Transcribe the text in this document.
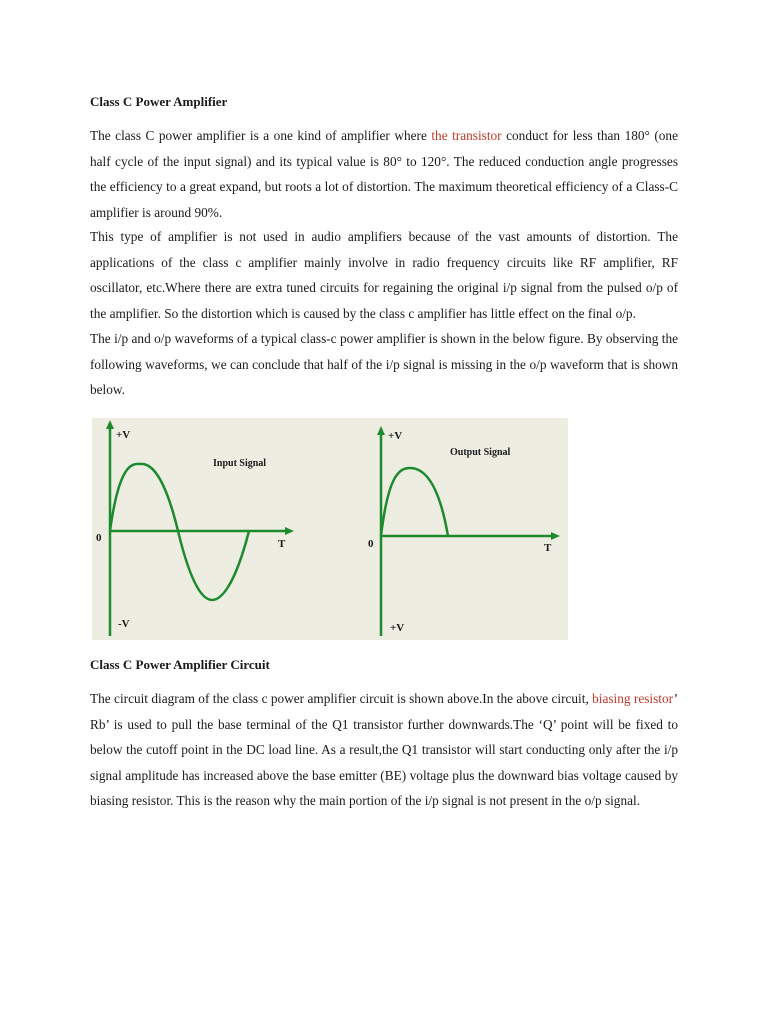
Class C Power Amplifier

The class C power amplifier is a one kind of amplifier where the transistor conduct for less than 180° (one half cycle of the input signal) and its typical value is 80° to 120°. The reduced conduction angle progresses the efficiency to a great expand, but roots a lot of distortion. The maximum theoretical efficiency of a Class-C amplifier is around 90%.

This type of amplifier is not used in audio amplifiers because of the vast amounts of distortion. The applications of the class c amplifier mainly involve in radio frequency circuits like RF amplifier, RF oscillator, etc.Where there are extra tuned circuits for regaining the original i/p signal from the pulsed o/p of the amplifier. So the distortion which is caused by the class c amplifier has little effect on the final o/p.

The i/p and o/p waveforms of a typical class-c power amplifier is shown in the below figure. By observing the following waveforms, we can conclude that half of the i/p signal is missing in the o/p waveform that is shown below.

Class C Power Amplifier Circuit

The circuit diagram of the class c power amplifier circuit is shown above.In the above circuit, biasing resistor’ Rb’ is used to pull the base terminal of the Q1 transistor further downwards.The ‘Q’ point will be fixed to below the cutoff point in the DC load line. As a result,the Q1 transistor will start conducting only after the i/p signal amplitude has increased above the base emitter (BE) voltage plus the downward bias voltage caused by biasing resistor. This is the reason why the main portion of the i/p signal is not present in the o/p signal.

+V
Input Signal
0	T
-V
+V
Output Signal
0	T
+V
